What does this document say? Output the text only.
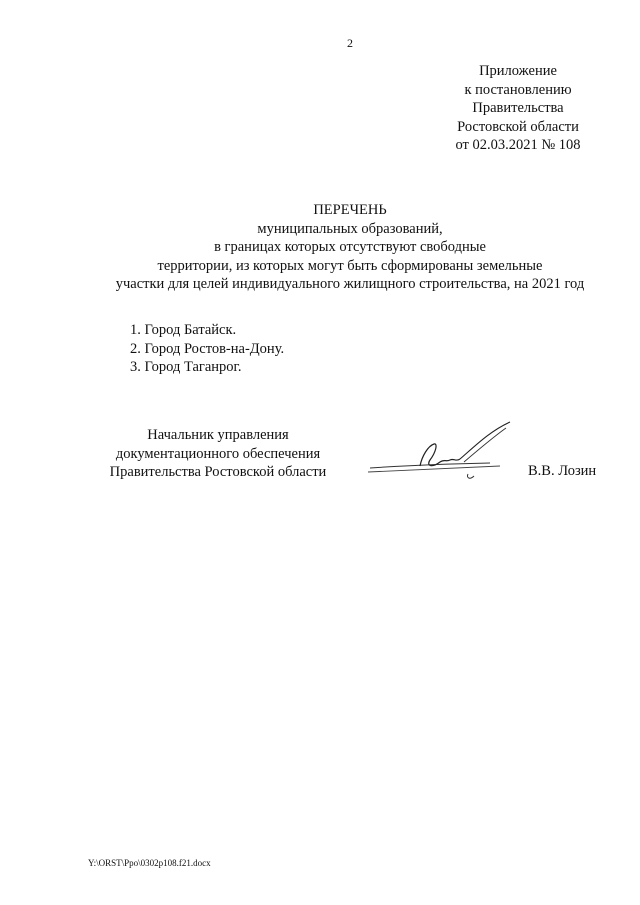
2
Приложение
к постановлению
Правительства
Ростовской области
от 02.03.2021 № 108
ПЕРЕЧЕНЬ
муниципальных образований,
в границах которых отсутствуют свободные
территории, из которых могут быть сформированы земельные
участки для целей индивидуального жилищного строительства, на 2021 год
1. Город Батайск.
2. Город Ростов-на-Дону.
3. Город Таганрог.
Начальник управления
документационного обеспечения
Правительства Ростовской области	В.В. Лозин
Y:\ORST\Ppo\0302p108.f21.docx
